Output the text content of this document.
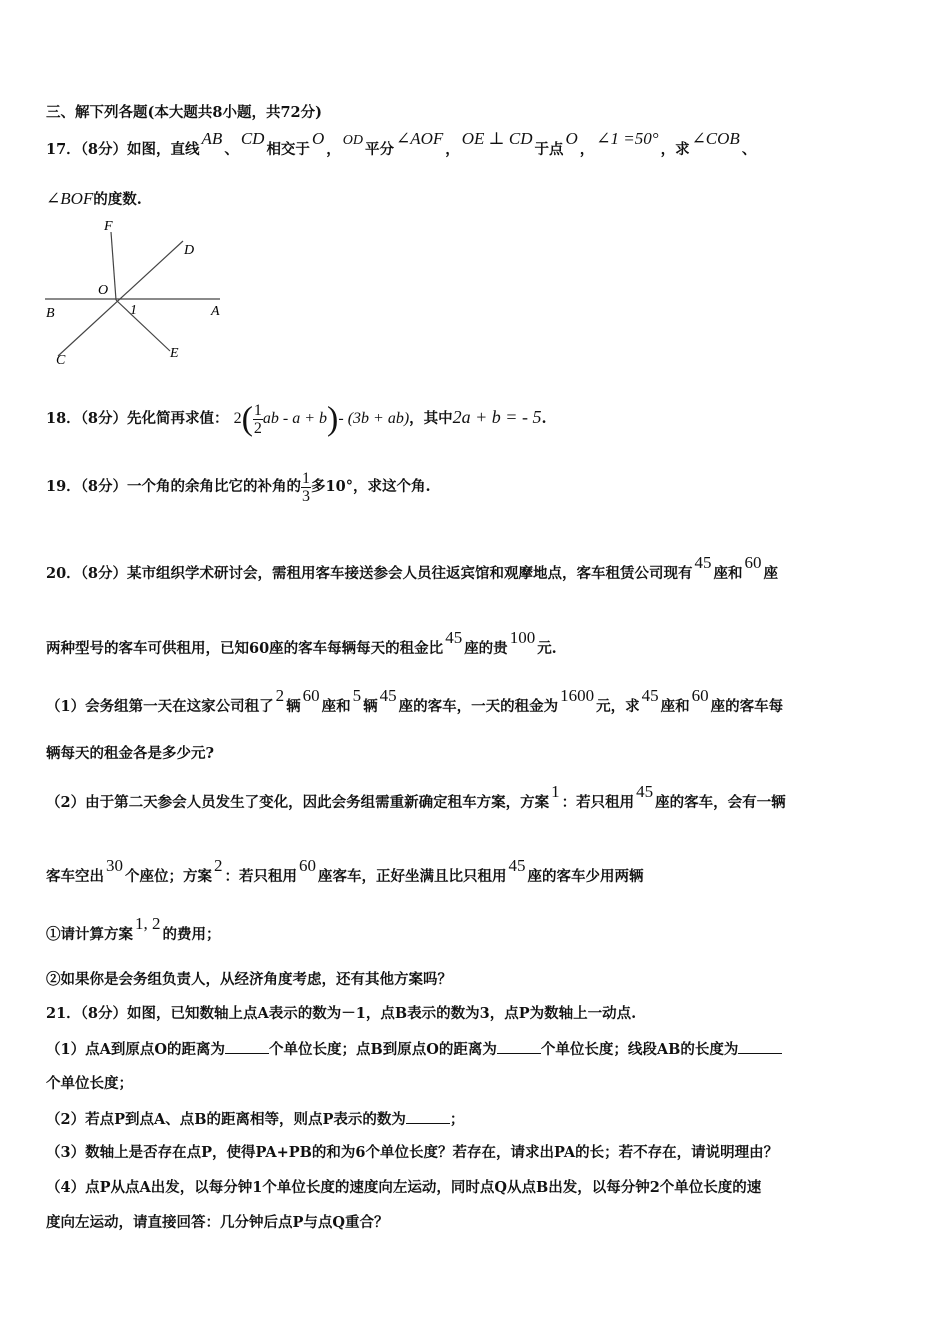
三、解下列各题(本大题共8小题，共72分)
17．（8分）如图，直线AB、CD相交于O，OD平分∠AOF，OE ⊥ CD于点O，∠1 =50°，求∠COB、
∠BOF的度数.
F
D
O
B	1	A
C	E
18．（8分）先化简再求值： $2( \frac{1}{2}$ ab - a + b)- (3b + ab)，其中2a + b = - 5.
19．（8分）一个角的余角比它的补角的 $\frac{1}{3}$ 多10°，求这个角.
20．（8分）某市组织学术研讨会，需租用客车接送参会人员往返宾馆和观摩地点，客车租赁公司现有45座和60座
两种型号的客车可供租用，已知60座的客车每辆每天的租金比45座的贵100元.
（1）会务组第一天在这家公司租了2辆60座和5辆45座的客车，一天的租金为1600元，求45座和60座的客车每
辆每天的租金各是多少元?
（2）由于第二天参会人员发生了变化，因此会务组需重新确定租车方案，方案1：若只租用45座的客车，会有一辆
客车空出30个座位；方案2：若只租用60座客车，正好坐满且比只租用45座的客车少用两辆
①请计算方案1, 2的费用；
②如果你是会务组负责人，从经济角度考虑，还有其他方案吗？
21．（8分）如图，已知数轴上点A表示的数为－1，点B表示的数为3，点P为数轴上一动点.
（1）点A到原点O的距离为	个单位长度；点B到原点O的距离为	个单位长度；线段AB的长度为
个单位长度；
（2）若点P到点A、点B的距离相等，则点P表示的数为	；
（3）数轴上是否存在点P，使得PA+PB的和为6个单位长度？若存在，请求出PA的长；若不存在，请说明理由？
（4）点P从点A出发，以每分钟1个单位长度的速度向左运动，同时点Q从点B出发，以每分钟2个单位长度的速
度向左运动，请直接回答：几分钟后点P与点Q重合？
